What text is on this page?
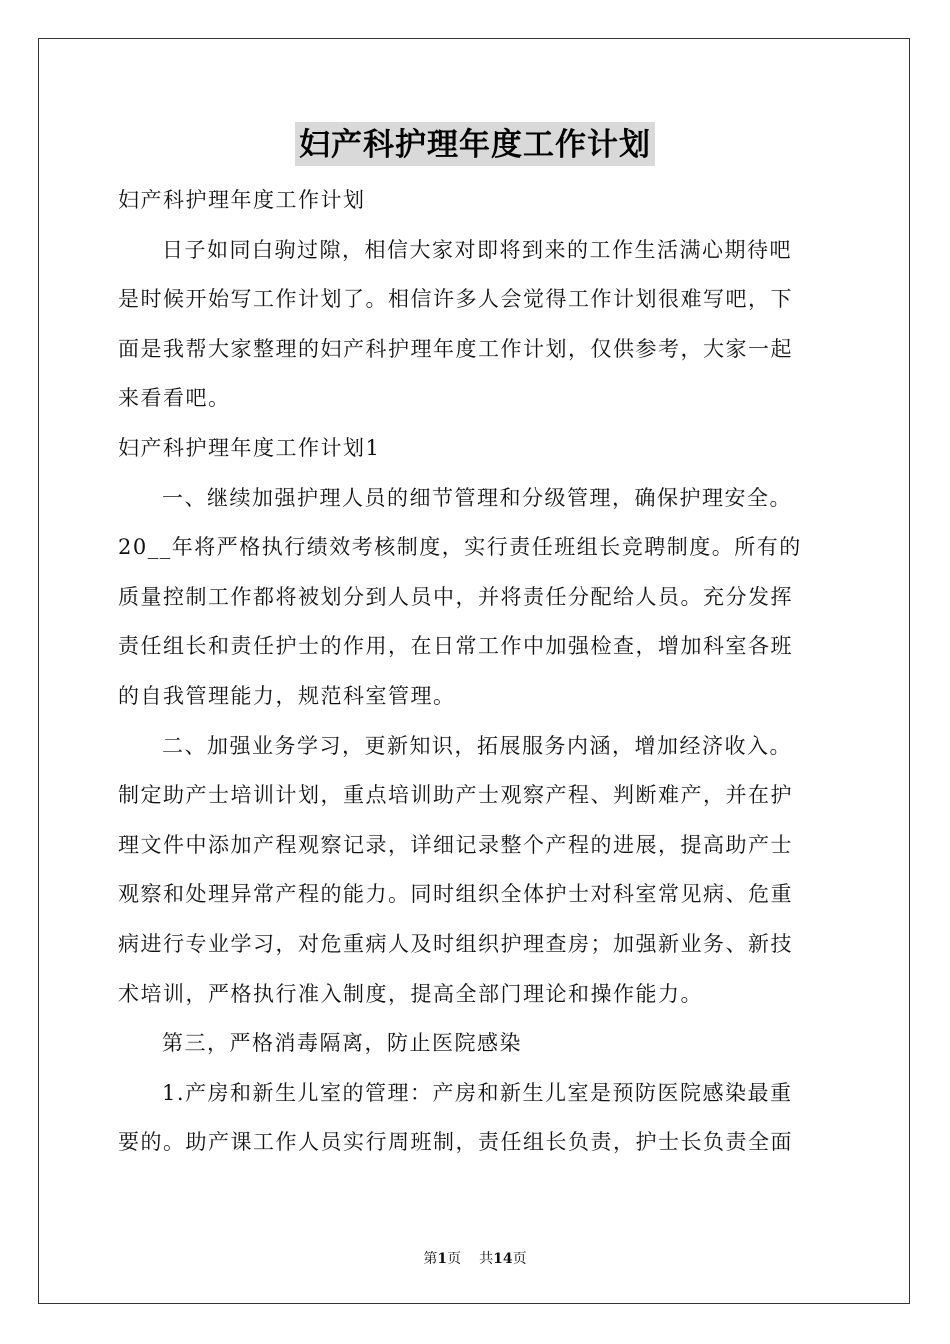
妇产科护理年度工作计划
妇产科护理年度工作计划
日子如同白驹过隙，相信大家对即将到来的工作生活满心期待吧
是时候开始写工作计划了。相信许多人会觉得工作计划很难写吧，下
面是我帮大家整理的妇产科护理年度工作计划，仅供参考，大家一起
来看看吧。
妇产科护理年度工作计划1
一、继续加强护理人员的细节管理和分级管理，确保护理安全。
20__年将严格执行绩效考核制度，实行责任班组长竞聘制度。所有的
质量控制工作都将被划分到人员中，并将责任分配给人员。充分发挥
责任组长和责任护士的作用，在日常工作中加强检查，增加科室各班
的自我管理能力，规范科室管理。
二、加强业务学习，更新知识，拓展服务内涵，增加经济收入。
制定助产士培训计划，重点培训助产士观察产程、判断难产，并在护
理文件中添加产程观察记录，详细记录整个产程的进展，提高助产士
观察和处理异常产程的能力。同时组织全体护士对科室常见病、危重
病进行专业学习，对危重病人及时组织护理查房；加强新业务、新技
术培训，严格执行准入制度，提高全部门理论和操作能力。
第三，严格消毒隔离，防止医院感染
1.产房和新生儿室的管理：产房和新生儿室是预防医院感染最重
要的。助产课工作人员实行周班制，责任组长负责，护士长负责全面
第1页 共14页
